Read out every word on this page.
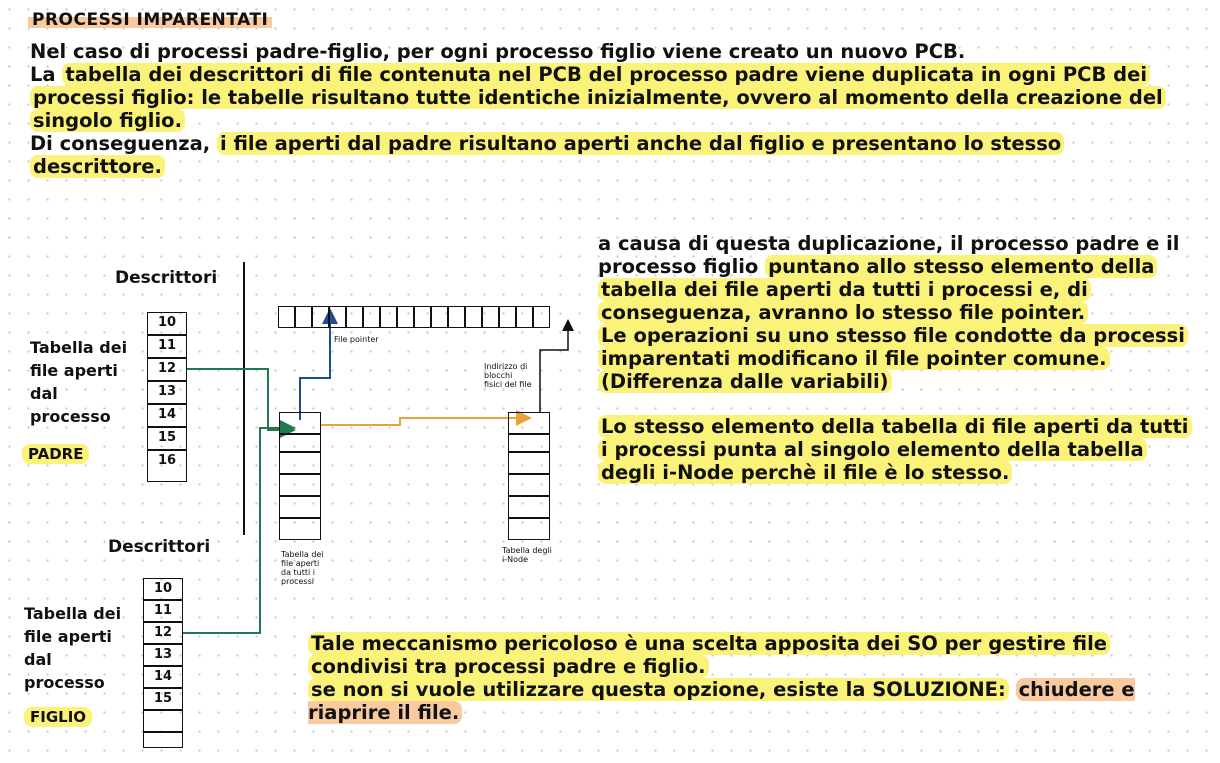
PROCESSI IMPARENTATI
Nel caso di processi padre-figlio, per ogni processo figlio viene creato un nuovo PCB.
La tabella dei descrittori di file contenuta nel PCB del processo padre viene duplicata in ogni PCB dei processi figlio: le tabelle risultano tutte identiche inizialmente, ovvero al momento della creazione del singolo figlio.
Di conseguenza, i file aperti dal padre risultano aperti anche dal figlio e presentano lo stesso descrittore.
a causa di questa duplicazione, il processo padre e il processo figlio puntano allo stesso elemento della tabella dei file aperti da tutti i processi e, di conseguenza, avranno lo stesso file pointer.
Le operazioni su uno stesso file condotte da processi imparentati modificano il file pointer comune. (Differenza dalle variabili)
Lo stesso elemento della tabella di file aperti da tutti i processi punta al singolo elemento della tabella degli i-Node perchè il file è lo stesso.
Tale meccanismo pericoloso è una scelta apposita dei SO per gestire file condivisi tra processi padre e figlio.
se non si vuole utilizzare questa opzione, esiste la SOLUZIONE: chiudere e riaprire il file.
Descrittori
Tabella dei
file aperti
dal
processo
PADRE
10
11
12
13
14
15
16
Descrittori
Tabella dei
file aperti
dal
processo
FIGLIO
10
11
12
13
14
15
File pointer
Tabella dei
file aperti
da tutti i
processi
Indirizzo di
blocchi
fisici del file
Tabella degli
i-Node
